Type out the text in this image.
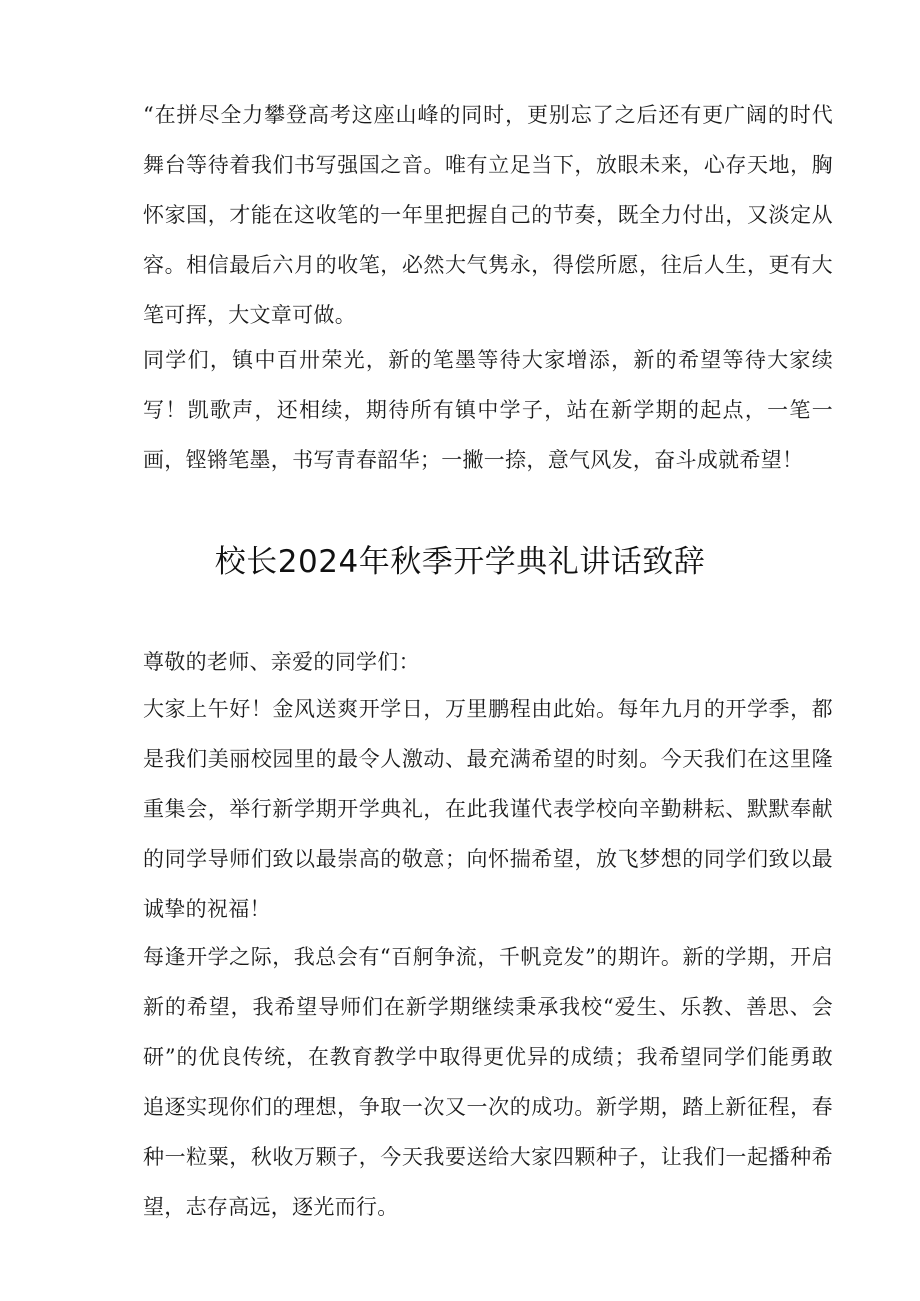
“在拼尽全力攀登高考这座山峰的同时，更别忘了之后还有更广阔的时代舞台等待着我们书写强国之音。唯有立足当下，放眼未来，心存天地，胸怀家国，才能在这收笔的一年里把握自己的节奏，既全力付出，又淡定从容。相信最后六月的收笔，必然大气隽永，得偿所愿，往后人生，更有大笔可挥，大文章可做。

同学们，镇中百卅荣光，新的笔墨等待大家增添，新的希望等待大家续写！凯歌声，还相续，期待所有镇中学子，站在新学期的起点，一笔一画，铿锵笔墨，书写青春韶华；一撇一捺，意气风发，奋斗成就希望！

校长2024年秋季开学典礼讲话致辞

尊敬的老师、亲爱的同学们：

大家上午好！金风送爽开学日，万里鹏程由此始。每年九月的开学季，都是我们美丽校园里的最令人激动、最充满希望的时刻。今天我们在这里隆重集会，举行新学期开学典礼，在此我谨代表学校向辛勤耕耘、默默奉献的同学导师们致以最崇高的敬意；向怀揣希望，放飞梦想的同学们致以最诚挚的祝福！

每逢开学之际，我总会有“百舸争流，千帆竞发”的期许。新的学期，开启新的希望，我希望导师们在新学期继续秉承我校“爱生、乐教、善思、会研”的优良传统，在教育教学中取得更优异的成绩；我希望同学们能勇敢追逐实现你们的理想，争取一次又一次的成功。新学期，踏上新征程，春种一粒粟，秋收万颗子，今天我要送给大家四颗种子，让我们一起播种希望，志存高远，逐光而行。
